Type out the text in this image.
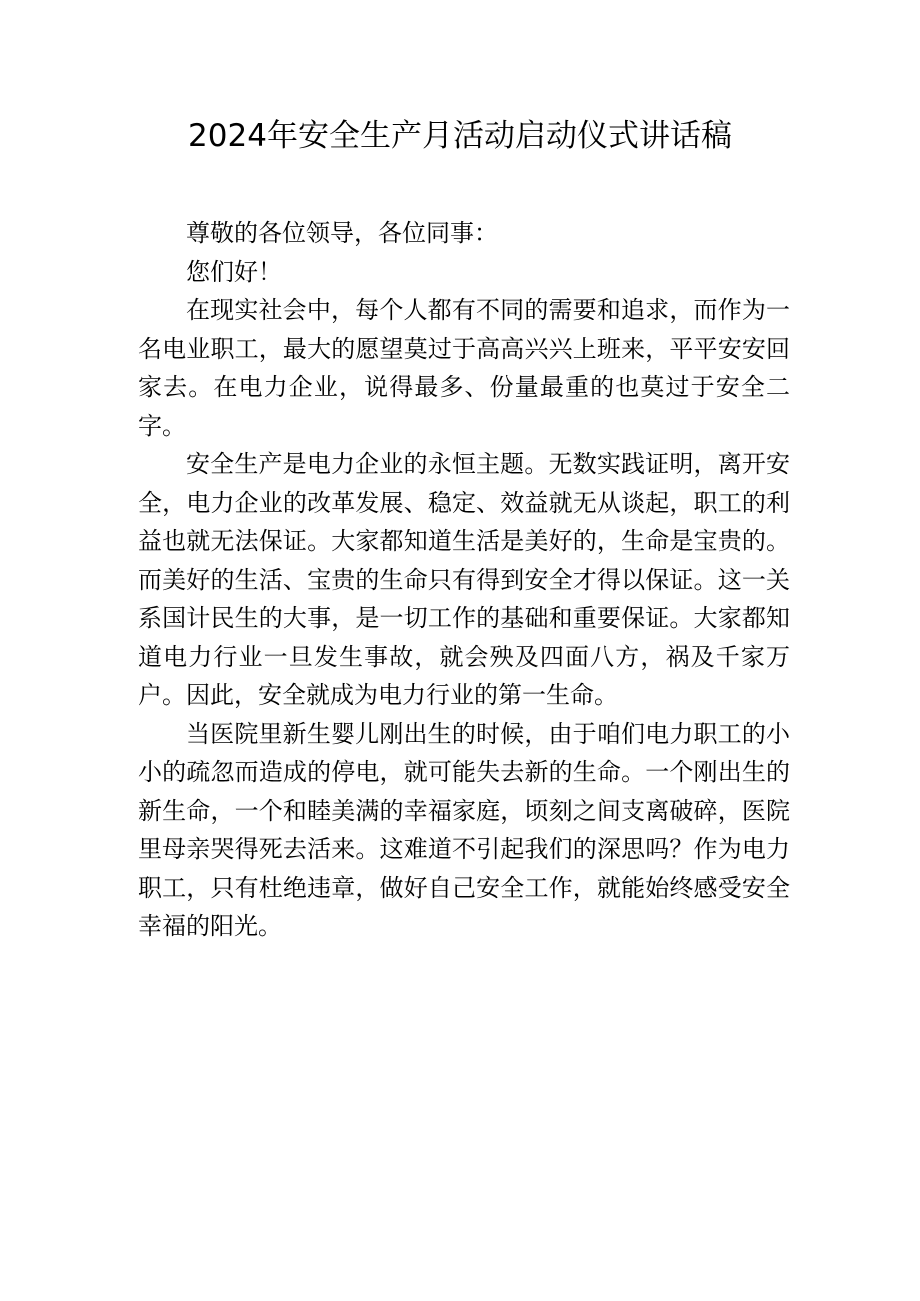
2024年安全生产月活动启动仪式讲话稿

尊敬的各位领导，各位同事：

您们好！

在现实社会中，每个人都有不同的需要和追求，而作为一名电业职工，最大的愿望莫过于高高兴兴上班来，平平安安回家去。在电力企业，说得最多、份量最重的也莫过于安全二字。

安全生产是电力企业的永恒主题。无数实践证明，离开安全，电力企业的改革发展、稳定、效益就无从谈起，职工的利益也就无法保证。大家都知道生活是美好的，生命是宝贵的。而美好的生活、宝贵的生命只有得到安全才得以保证。这一关系国计民生的大事，是一切工作的基础和重要保证。大家都知道电力行业一旦发生事故，就会殃及四面八方，祸及千家万户。因此，安全就成为电力行业的第一生命。

当医院里新生婴儿刚出生的时候，由于咱们电力职工的小小的疏忽而造成的停电，就可能失去新的生命。一个刚出生的新生命，一个和睦美满的幸福家庭，顷刻之间支离破碎，医院里母亲哭得死去活来。这难道不引起我们的深思吗？作为电力职工，只有杜绝违章，做好自己安全工作，就能始终感受安全幸福的阳光。
